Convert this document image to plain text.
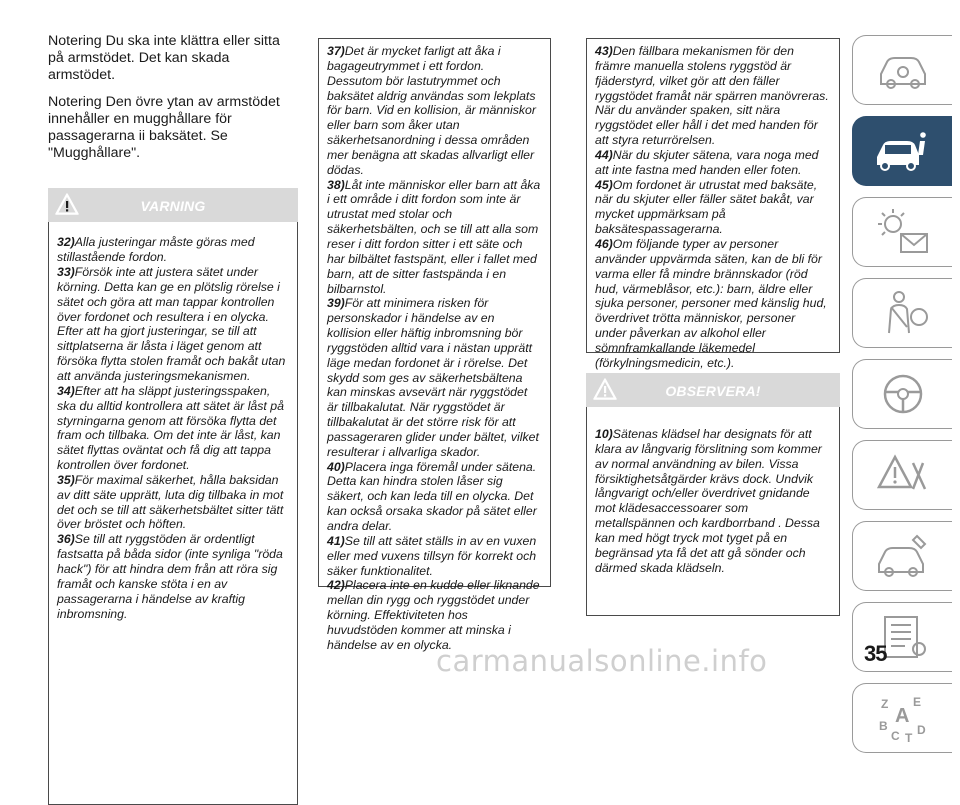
Notering Du ska inte klättra eller sitta på armstödet. Det kan skada armstödet.

Notering Den övre ytan av armstödet innehåller en mugghållare för passagerarna ii baksätet. Se "Mugghållare".

VARNING

32)Alla justeringar måste göras med stillastående fordon.

33)Försök inte att justera sätet under körning. Detta kan ge en plötslig rörelse i sätet och göra att man tappar kontrollen över fordonet och resultera i en olycka. Efter att ha gjort justeringar, se till att sittplatserna är låsta i läget genom att försöka flytta stolen framåt och bakåt utan att använda justeringsmekanismen.

34)Efter att ha släppt justeringsspaken, ska du alltid kontrollera att sätet är låst på styrningarna genom att försöka flytta det fram och tillbaka. Om det inte är låst, kan sätet flyttas oväntat och få dig att tappa kontrollen över fordonet.

35)För maximal säkerhet, hålla baksidan av ditt säte upprätt, luta dig tillbaka in mot det och se till att säkerhetsbältet sitter tätt över bröstet och höften.

36)Se till att ryggstöden är ordentligt fastsatta på båda sidor (inte synliga "röda hack") för att hindra dem från att röra sig framåt och kanske stöta i en av passagerarna i händelse av kraftig inbromsning.

37)Det är mycket farligt att åka i bagageutrymmet i ett fordon. Dessutom bör lastutrymmet och baksätet aldrig användas som lekplats för barn. Vid en kollision, är människor eller barn som åker utan säkerhetsanordning i dessa områden mer benägna att skadas allvarligt eller dödas.

38)Låt inte människor eller barn att åka i ett område i ditt fordon som inte är utrustat med stolar och säkerhetsbälten, och se till att alla som reser i ditt fordon sitter i ett säte och har bilbältet fastspänt, eller i fallet med barn, att de sitter fastspända i en bilbarnstol.

39)För att minimera risken för personskador i händelse av en kollision eller häftig inbromsning bör ryggstöden alltid vara i nästan upprätt läge medan fordonet är i rörelse. Det skydd som ges av säkerhetsbältena kan minskas avsevärt när ryggstödet är tillbakalutat. När ryggstödet är tillbakalutat är det större risk för att passageraren glider under bältet, vilket resulterar i allvarliga skador.

40)Placera inga föremål under sätena. Detta kan hindra stolen låser sig säkert, och kan leda till en olycka. Det kan också orsaka skador på sätet eller andra delar.

41)Se till att sätet ställs in av en vuxen eller med vuxens tillsyn för korrekt och säker funktionalitet.

42)Placera inte en kudde eller liknande mellan din rygg och ryggstödet under körning. Effektiviteten hos huvudstöden kommer att minska i händelse av en olycka.

43)Den fällbara mekanismen för den främre manuella stolens ryggstöd är fjäderstyrd, vilket gör att den fäller ryggstödet framåt när spärren manövreras. När du använder spaken, sitt nära ryggstödet eller håll i det med handen för att styra returrörelsen.

44)När du skjuter sätena, vara noga med att inte fastna med handen eller foten.

45)Om fordonet är utrustat med baksäte, när du skjuter eller fäller sätet bakåt, var mycket uppmärksam på baksätespassagerarna.

46)Om följande typer av personer använder uppvärmda säten, kan de bli för varma eller få mindre brännskador (röd hud, värmeblåsor, etc.): barn, äldre eller sjuka personer, personer med känslig hud, överdrivet trötta människor, personer under påverkan av alkohol eller sömnframkallande läkemedel (förkylningsmedicin, etc.).

OBSERVERA!

10)Sätenas klädsel har designats för att klara av långvarig förslitning som kommer av normal användning av bilen. Vissa försiktighetsåtgärder krävs dock. Undvik långvarigt och/eller överdrivet gnidande mot klädesaccessoarer som metallspännen och kardborrband . Dessa kan med högt tryck mot tyget på en begränsad yta få det att gå sönder och därmed skada klädseln.

Z E
A
B
C D
T
35
carmanualsonline.info
